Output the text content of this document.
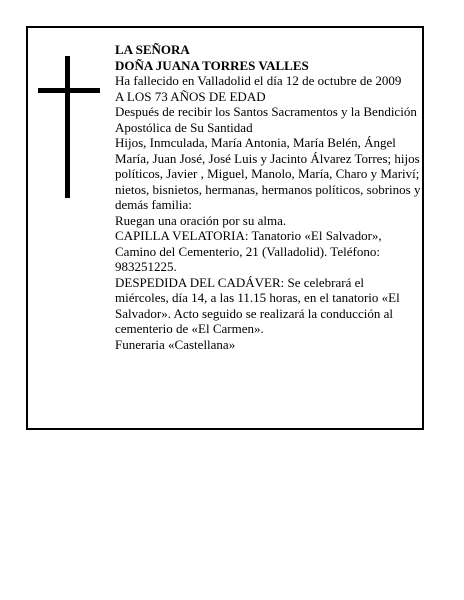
LA SEÑORA

DOÑA JUANA TORRES VALLES

Ha fallecido en Valladolid el día 12 de octubre de 2009

A LOS 73 AÑOS DE EDAD

Después de recibir los Santos Sacramentos y la Bendición Apostólica de Su Santidad

Hijos, Inmculada, María Antonia, María Belén, Ángel María, Juan José, José Luis y Jacinto Álvarez Torres; hijos políticos, Javier , Miguel, Manolo, María, Charo y Mariví; nietos, bisnietos, hermanas, hermanos políticos, sobrinos y demás familia:

Ruegan una oración por su alma.

CAPILLA VELATORIA: Tanatorio «El Salvador», Camino del Cementerio, 21 (Valladolid). Teléfono: 983251225.

DESPEDIDA DEL CADÁVER: Se celebrará el miércoles, día 14, a las 11.15 horas, en el tanatorio «El Salvador». Acto seguido se realizará la conducción al cementerio de «El Carmen».

Funeraria «Castellana»
